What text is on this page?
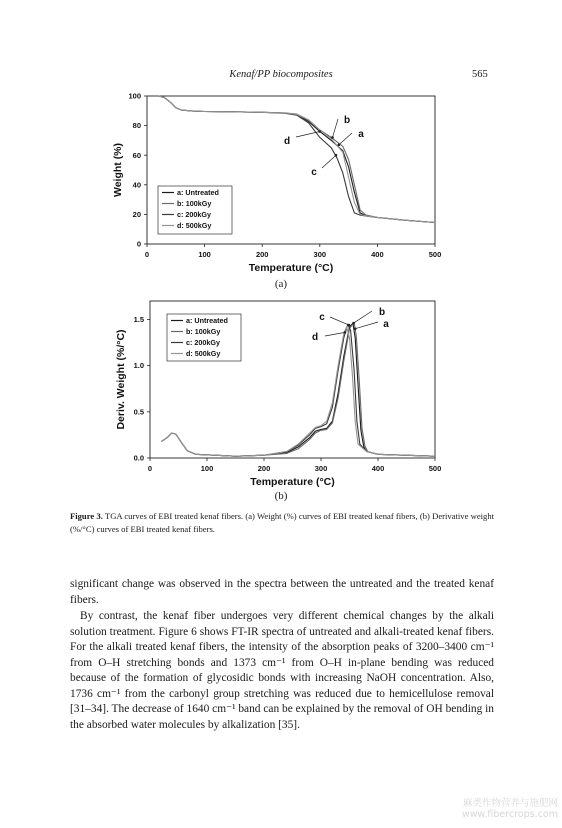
Kenaf/PP biocomposites	565
0	100	200	300	400	500
0
20
40
60
80
100
Temperature (°C)
Weight (%)	a: Untreated
b: 100kGy
c: 200kGy
d: 500kGy
b
a
d
c
(a)
0	100	200	300	400	500
0.0
0.5
1.0
1.5
Temperature (°C)
Deriv. Weight (%/°C)
a: Untreated
b: 100kGy
c: 200kGy
d: 500kGy
b
a
c
d
(b)
Figure 3. TGA curves of EBI treated kenaf fibers. (a) Weight (%) curves of EBI treated kenaf fibers, (b) Derivative weight (%/°C) curves of EBI treated kenaf fibers.

significant change was observed in the spectra between the untreated and the treated kenaf fibers.

By contrast, the kenaf fiber undergoes very different chemical changes by the alkali solution treatment. Figure 6 shows FT-IR spectra of untreated and alkali-treated kenaf fibers. For the alkali treated kenaf fibers, the intensity of the absorption peaks of 3200–3400 cm⁻¹ from O–H stretching bonds and 1373 cm⁻¹ from O–H in-plane bending was reduced because of the formation of glycosidic bonds with increasing NaOH concentration. Also, 1736 cm⁻¹ from the carbonyl group stretching was reduced due to hemicellulose removal [31–34]. The decrease of 1640 cm⁻¹ band can be explained by the removal of OH bending in the absorbed water molecules by alkalization [35].

麻类作物营养与施肥网 www.fibercrops.com
